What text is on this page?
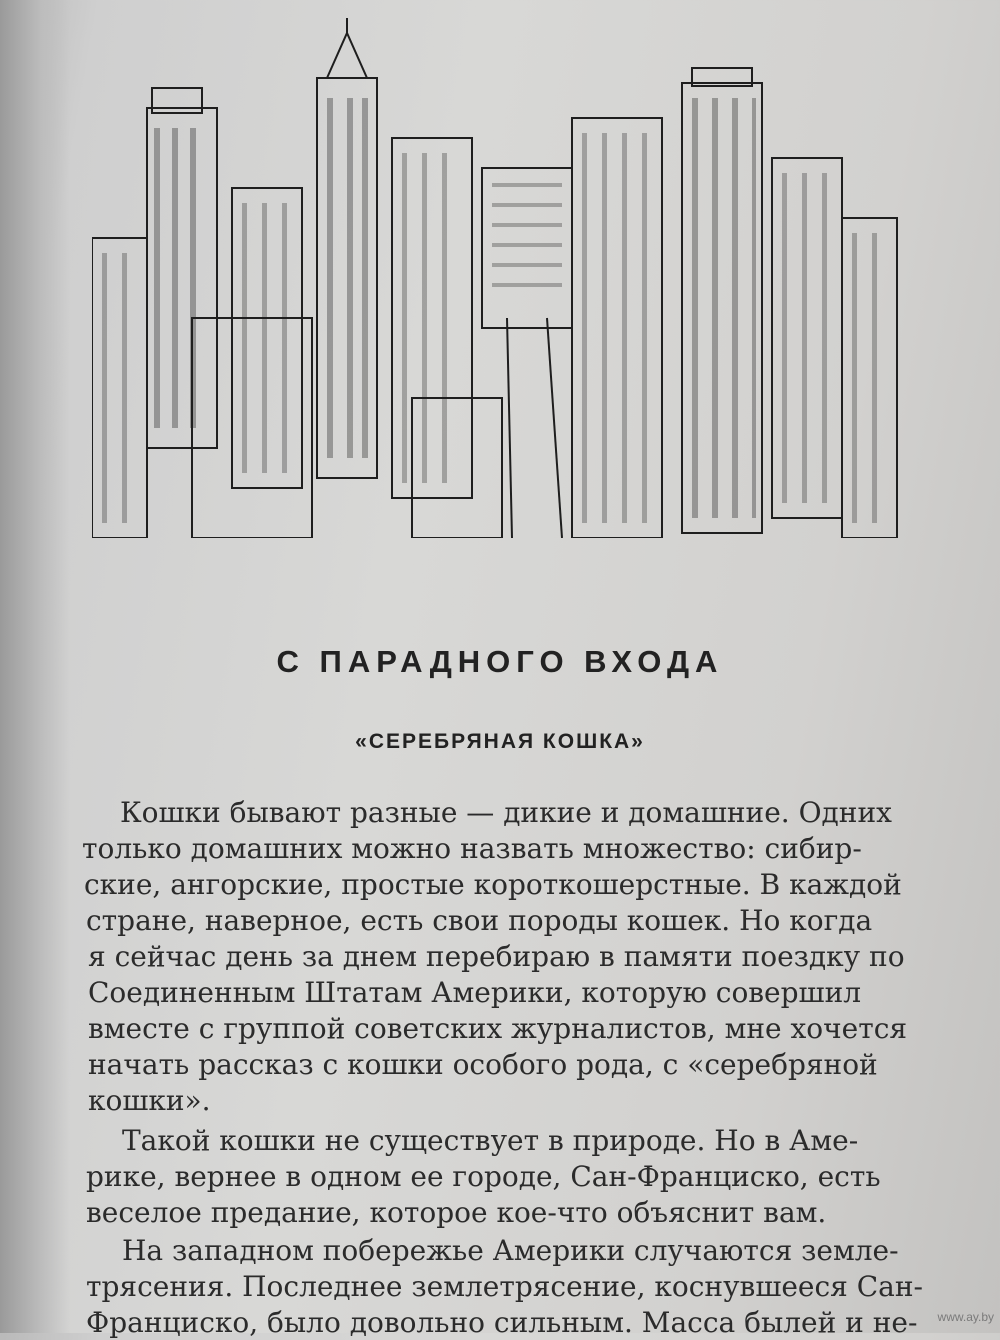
С ПАРАДНОГО ВХОДА
«СЕРЕБРЯНАЯ КОШКА»
Кошки бывают разные — дикие и домашние. Одних
только домашних можно назвать множество: сибир-
ские, ангорские, простые короткошерстные. В каждой
стране, наверное, есть свои породы кошек. Но когда
я сейчас день за днем перебираю в памяти поездку по
Соединенным Штатам Америки, которую совершил
вместе с группой советских журналистов, мне хочется
начать рассказ с кошки особого рода, с «серебряной
кошки».
Такой кошки не существует в природе. Но в Аме-
рике, вернее в одном ее городе, Сан-Франциско, есть
веселое предание, которое кое-что объяснит вам.
На западном побережье Америки случаются земле-
трясения. Последнее землетрясение, коснувшееся Сан-
Франциско, было довольно сильным. Масса былей и не- www.ay.by
